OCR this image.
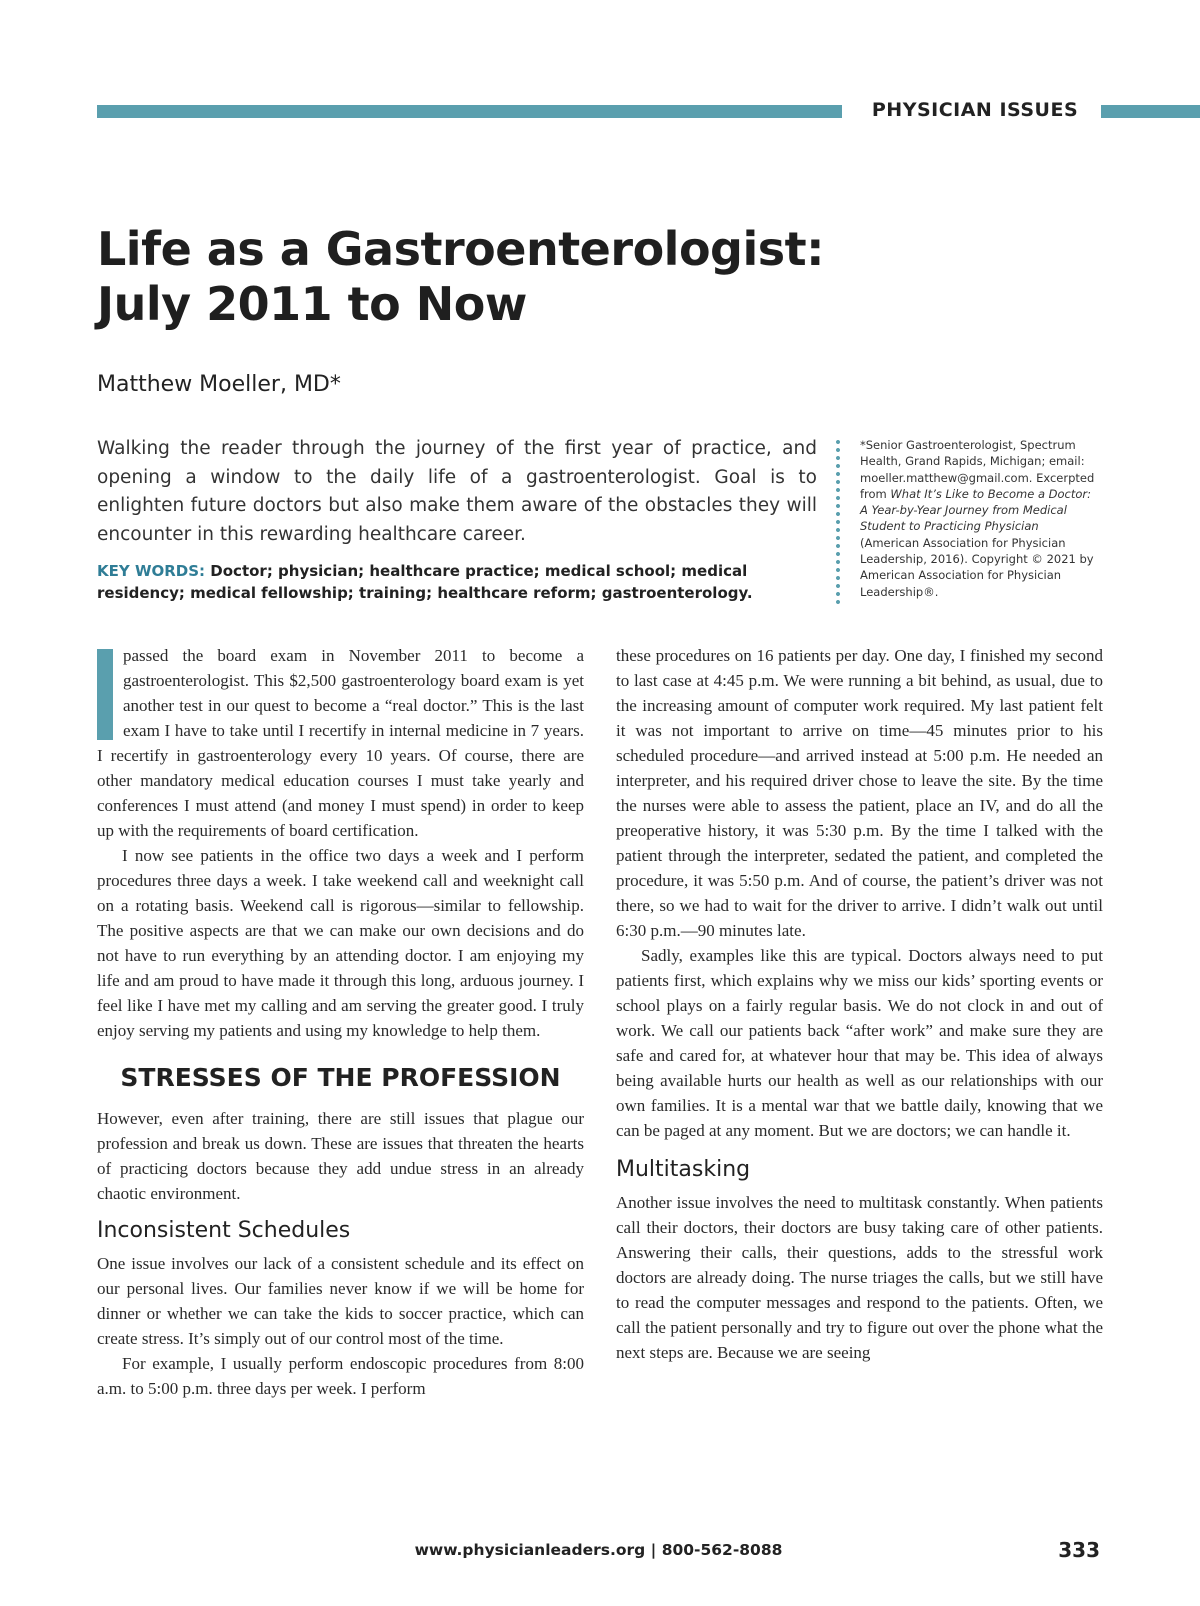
PHYSICIAN ISSUES
Life as a Gastroenterologist:
July 2011 to Now
Matthew Moeller, MD*

Walking the reader through the journey of the first year of practice, and opening a window to the daily life of a gastroenterologist. Goal is to enlighten future doctors but also make them aware of the obstacles they will encounter in this rewarding healthcare career.

KEY WORDS: Doctor; physician; healthcare practice; medical school; medical residency; medical fellowship; training; healthcare reform; gastroenterology.

*Senior Gastroenterologist, Spectrum Health, Grand Rapids, Michigan; email: moeller.matthew@gmail.com. Excerpted from What It’s Like to Become a Doctor: A Year-by-Year Journey from Medical Student to Practicing Physician (American Association for Physician Leadership, 2016). Copyright © 2021 by American Association for Physician Leadership®.

passed the board exam in November 2011 to become a gastroenterologist. This $2,500 gastroenterology board exam is yet another test in our quest to become a “real doctor.” This is the last exam I have to take until I recertify in internal medicine in 7 years. I recertify in gastroenterology every 10 years. Of course, there are other mandatory medical education courses I must take yearly and conferences I must attend (and money I must spend) in order to keep up with the requirements of board certification.

I now see patients in the office two days a week and I perform procedures three days a week. I take weekend call and weeknight call on a rotating basis. Weekend call is rigorous—similar to fellowship. The positive aspects are that we can make our own decisions and do not have to run everything by an attending doctor. I am enjoying my life and am proud to have made it through this long, arduous journey. I feel like I have met my calling and am serving the greater good. I truly enjoy serving my patients and using my knowledge to help them.

STRESSES OF THE PROFESSION

However, even after training, there are still issues that plague our profession and break us down. These are issues that threaten the hearts of practicing doctors because they add undue stress in an already chaotic environment.

Inconsistent Schedules

One issue involves our lack of a consistent schedule and its effect on our personal lives. Our families never know if we will be home for dinner or whether we can take the kids to soccer practice, which can create stress. It’s simply out of our control most of the time.

For example, I usually perform endoscopic procedures from 8:00 a.m. to 5:00 p.m. three days per week. I perform

these procedures on 16 patients per day. One day, I finished my second to last case at 4:45 p.m. We were running a bit behind, as usual, due to the increasing amount of computer work required. My last patient felt it was not important to arrive on time—45 minutes prior to his scheduled procedure—and arrived instead at 5:00 p.m. He needed an interpreter, and his required driver chose to leave the site. By the time the nurses were able to assess the patient, place an IV, and do all the preoperative history, it was 5:30 p.m. By the time I talked with the patient through the interpreter, sedated the patient, and completed the procedure, it was 5:50 p.m. And of course, the patient’s driver was not there, so we had to wait for the driver to arrive. I didn’t walk out until 6:30 p.m.—90 minutes late.

Sadly, examples like this are typical. Doctors always need to put patients first, which explains why we miss our kids’ sporting events or school plays on a fairly regular basis. We do not clock in and out of work. We call our patients back “after work” and make sure they are safe and cared for, at whatever hour that may be. This idea of always being available hurts our health as well as our relationships with our own families. It is a mental war that we battle daily, knowing that we can be paged at any moment. But we are doctors; we can handle it.

Multitasking

Another issue involves the need to multitask constantly. When patients call their doctors, their doctors are busy taking care of other patients. Answering their calls, their questions, adds to the stressful work doctors are already doing. The nurse triages the calls, but we still have to read the computer messages and respond to the patients. Often, we call the patient personally and try to figure out over the phone what the next steps are. Because we are seeing

www.physicianleaders.org | 800-562-8088	333
